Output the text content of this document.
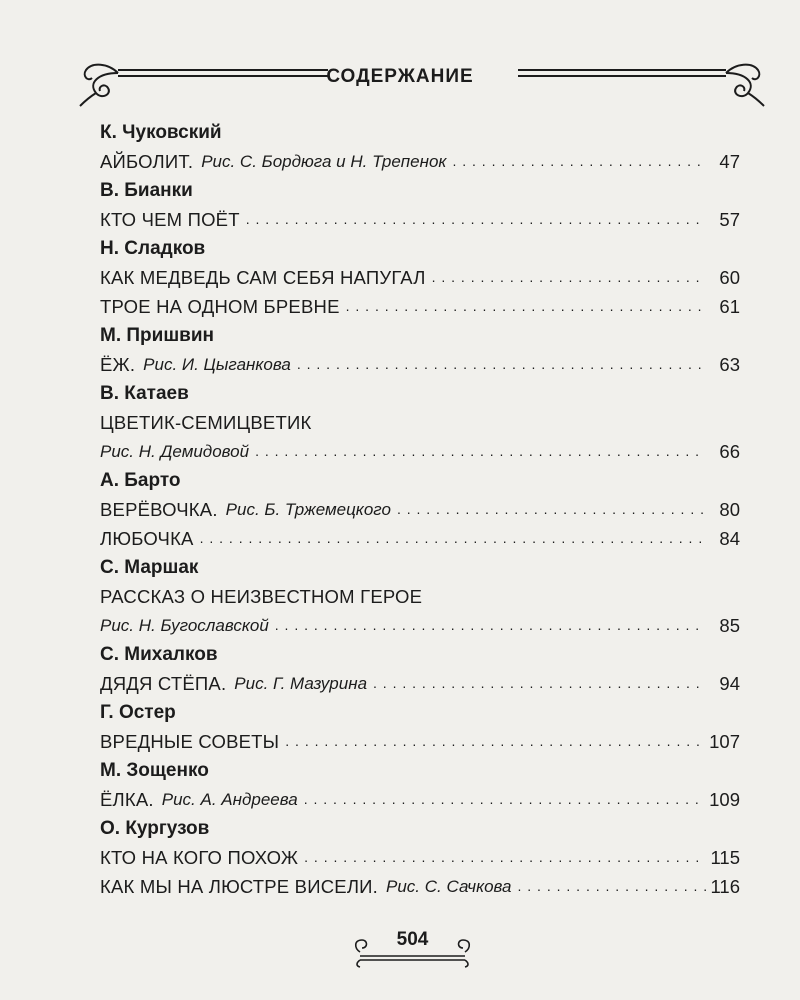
СОДЕРЖАНИЕ
К. Чуковский
АЙБОЛИТ. Рис. С. Бордюга и Н. Трепенок . . .	47
В. Бианки
КТО ЧЕМ ПОЁТ . . .	57
Н. Сладков
КАК МЕДВЕДЬ САМ СЕБЯ НАПУГАЛ . . .	60
ТРОЕ НА ОДНОМ БРЕВНЕ . . .	61
М. Пришвин
ЁЖ. Рис. И. Цыганкова . . .	63
В. Катаев
ЦВЕТИК-СЕМИЦВЕТИК
Рис. Н. Демидовой . . .	66
А. Барто
ВЕРЁВОЧКА. Рис. Б. Тржемецкого . . .	80
ЛЮБОЧКА . . .	84
С. Маршак
РАССКАЗ О НЕИЗВЕСТНОМ ГЕРОЕ
Рис. Н. Бугославской . . .	85
С. Михалков
ДЯДЯ СТЁПА. Рис. Г. Мазурина . . .	94
Г. Остер
ВРЕДНЫЕ СОВЕТЫ . . .	107
М. Зощенко
ЁЛКА. Рис. А. Андреева . . .	109
О. Кургузов
КТО НА КОГО ПОХОЖ . . .	115
КАК МЫ НА ЛЮСТРЕ ВИСЕЛИ. Рис. С. Сачкова . . .	116
504
